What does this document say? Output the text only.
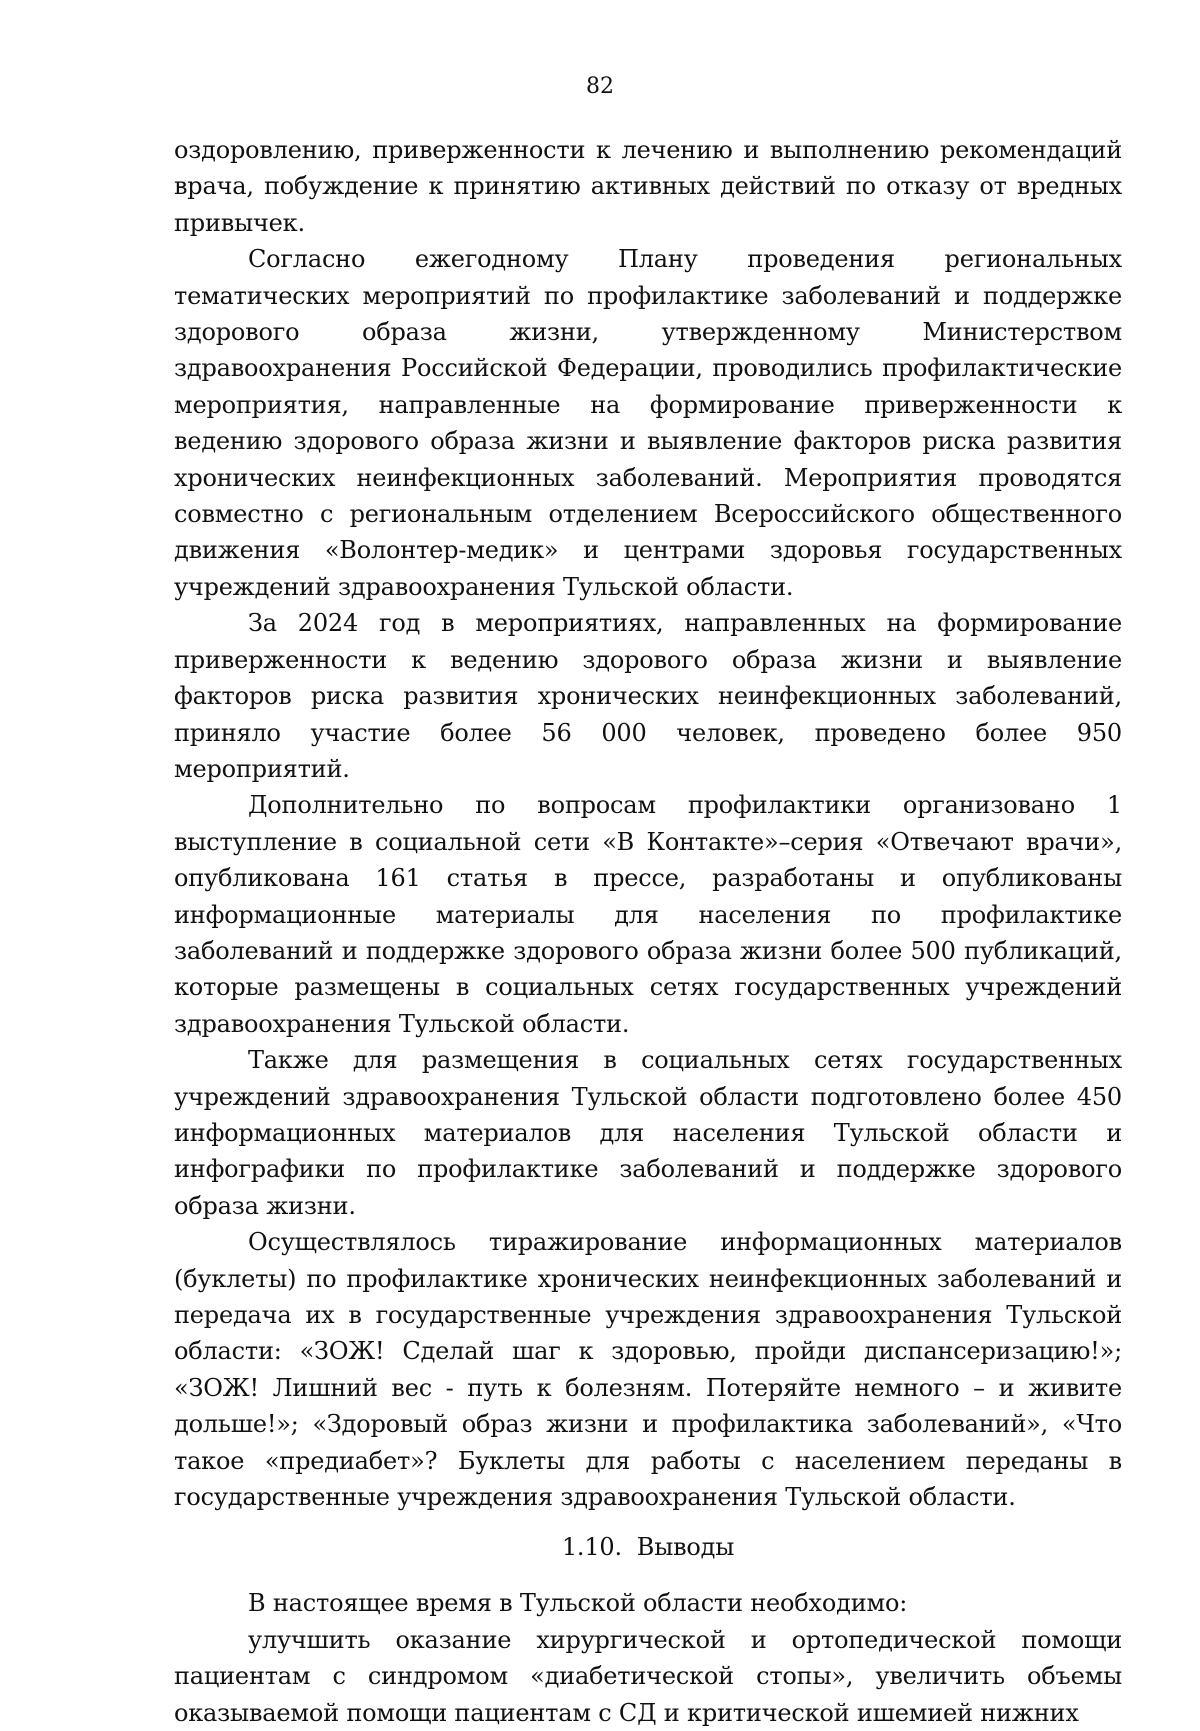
82

оздоровлению, приверженности к лечению и выполнению рекомендаций врача, побуждение к принятию активных действий по отказу от вредных привычек.

Согласно ежегодному Плану проведения региональных тематических мероприятий по профилактике заболеваний и поддержке здорового образа жизни, утвержденному Министерством здравоохранения Российской Федерации, проводились профилактические мероприятия, направленные на формирование приверженности к ведению здорового образа жизни и выявление факторов риска развития хронических неинфекционных заболеваний. Мероприятия проводятся совместно с региональным отделением Всероссийского общественного движения «Волонтер-медик» и центрами здоровья государственных учреждений здравоохранения Тульской области.

За 2024 год в мероприятиях, направленных на формирование приверженности к ведению здорового образа жизни и выявление факторов риска развития хронических неинфекционных заболеваний, приняло участие более 56 000 человек, проведено более 950 мероприятий.

Дополнительно по вопросам профилактики организовано 1 выступление в социальной сети «В Контакте»–серия «Отвечают врачи», опубликована 161 статья в прессе, разработаны и опубликованы информационные материалы для населения по профилактике заболеваний и поддержке здорового образа жизни более 500 публикаций, которые размещены в социальных сетях государственных учреждений здравоохранения Тульской области.

Также для размещения в социальных сетях государственных учреждений здравоохранения Тульской области подготовлено более 450 информационных материалов для населения Тульской области и инфографики по профилактике заболеваний и поддержке здорового образа жизни.

Осуществлялось тиражирование информационных материалов (буклеты) по профилактике хронических неинфекционных заболеваний и передача их в государственные учреждения здравоохранения Тульской области: «ЗОЖ! Сделай шаг к здоровью, пройди диспансеризацию!»; «ЗОЖ! Лишний вес - путь к болезням. Потеряйте немного – и живите дольше!»; «Здоровый образ жизни и профилактика заболеваний», «Что такое «предиабет»? Буклеты для работы с населением переданы в государственные учреждения здравоохранения Тульской области.

1.10. Выводы

В настоящее время в Тульской области необходимо:

улучшить оказание хирургической и ортопедической помощи пациентам с синдромом «диабетической стопы», увеличить объемы оказываемой помощи пациентам с СД и критической ишемией нижних
